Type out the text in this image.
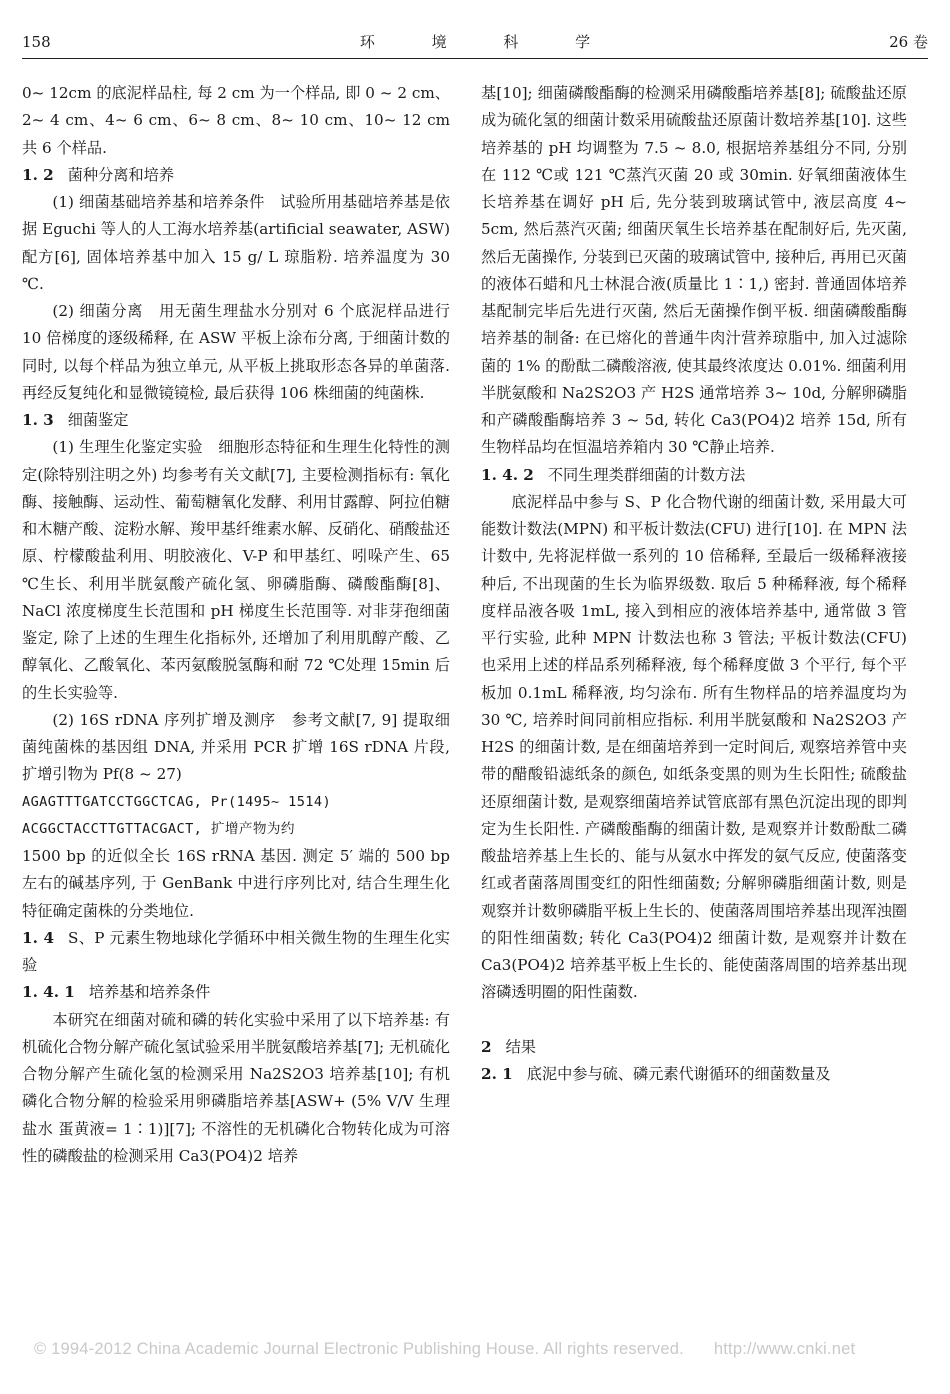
158	环 境 科 学	26 卷

0~ 12cm 的底泥样品柱, 每 2 cm 为一个样品, 即 0 ~ 2 cm、2~ 4 cm、4~ 6 cm、6~ 8 cm、8~ 10 cm、10~ 12 cm 共 6 个样品.

1. 2 菌种分离和培养

(1) 细菌基础培养基和培养条件　试验所用基础培养基是依据 Eguchi 等人的人工海水培养基(artificial seawater, ASW) 配方[6], 固体培养基中加入 15 g/ L 琼脂粉. 培养温度为 30 ℃.

(2) 细菌分离　用无菌生理盐水分别对 6 个底泥样品进行 10 倍梯度的逐级稀释, 在 ASW 平板上涂布分离, 于细菌计数的同时, 以每个样品为独立单元, 从平板上挑取形态各异的单菌落. 再经反复纯化和显微镜镜检, 最后获得 106 株细菌的纯菌株.

1. 3 细菌鉴定

(1) 生理生化鉴定实验　细胞形态特征和生理生化特性的测定(除特别注明之外) 均参考有关文献[7], 主要检测指标有: 氧化酶、接触酶、运动性、葡萄糖氧化发酵、利用甘露醇、阿拉伯糖和木糖产酸、淀粉水解、羧甲基纤维素水解、反硝化、硝酸盐还原、柠檬酸盐利用、明胶液化、V-P 和甲基红、吲哚产生、65 ℃生长、利用半胱氨酸产硫化氢、卵磷脂酶、磷酸酯酶[8]、NaCl 浓度梯度生长范围和 pH 梯度生长范围等. 对非芽孢细菌鉴定, 除了上述的生理生化指标外, 还增加了利用肌醇产酸、乙醇氧化、乙酸氧化、苯丙氨酸脱氢酶和耐 72 ℃处理 15min 后的生长实验等.

(2) 16S rDNA 序列扩增及测序　参考文献[7, 9] 提取细菌纯菌株的基因组 DNA, 并采用 PCR 扩增 16S rDNA 片段, 扩增引物为 Pf(8 ~ 27)

AGAGTTTGATCCTGGCTCAG, Pr(1495~ 1514)
ACGGCTACCTTGTTACGACT, 扩增产物为约

1500 bp 的近似全长 16S rRNA 基因. 测定 5′ 端的 500 bp 左右的碱基序列, 于 GenBank 中进行序列比对, 结合生理生化特征确定菌株的分类地位.

1. 4 S、P 元素生物地球化学循环中相关微生物的生理生化实验
1. 4. 1 培养基和培养条件

本研究在细菌对硫和磷的转化实验中采用了以下培养基: 有机硫化合物分解产硫化氢试验采用半胱氨酸培养基[7]; 无机硫化合物分解产生硫化氢的检测采用 Na2S2O3 培养基[10]; 有机磷化合物分解的检验采用卵磷脂培养基[ASW+ (5% V/V 生理盐水 蛋黄液= 1∶1)][7]; 不溶性的无机磷化合物转化成为可溶性的磷酸盐的检测采用 Ca3(PO4)2 培养

基[10]; 细菌磷酸酯酶的检测采用磷酸酯培养基[8]; 硫酸盐还原成为硫化氢的细菌计数采用硫酸盐还原菌计数培养基[10]. 这些培养基的 pH 均调整为 7.5 ~ 8.0, 根据培养基组分不同, 分别在 112 ℃或 121 ℃蒸汽灭菌 20 或 30min. 好氧细菌液体生长培养基在调好 pH 后, 先分装到玻璃试管中, 液层高度 4~ 5cm, 然后蒸汽灭菌; 细菌厌氧生长培养基在配制好后, 先灭菌, 然后无菌操作, 分装到已灭菌的玻璃试管中, 接种后, 再用已灭菌的液体石蜡和凡士林混合液(质量比 1∶1,) 密封. 普通固体培养基配制完毕后先进行灭菌, 然后无菌操作倒平板. 细菌磷酸酯酶培养基的制备: 在已熔化的普通牛肉汁营养琼脂中, 加入过滤除菌的 1% 的酚酞二磷酸溶液, 使其最终浓度达 0.01%. 细菌利用半胱氨酸和 Na2S2O3 产 H2S 通常培养 3~ 10d, 分解卵磷脂和产磷酸酯酶培养 3 ~ 5d, 转化 Ca3(PO4)2 培养 15d, 所有生物样品均在恒温培养箱内 30 ℃静止培养.

1. 4. 2 不同生理类群细菌的计数方法

底泥样品中参与 S、P 化合物代谢的细菌计数, 采用最大可能数计数法(MPN) 和平板计数法(CFU) 进行[10]. 在 MPN 法计数中, 先将泥样做一系列的 10 倍稀释, 至最后一级稀释液接种后, 不出现菌的生长为临界级数. 取后 5 种稀释液, 每个稀释度样品液各吸 1mL, 接入到相应的液体培养基中, 通常做 3 管平行实验, 此种 MPN 计数法也称 3 管法; 平板计数法(CFU) 也采用上述的样品系列稀释液, 每个稀释度做 3 个平行, 每个平板加 0.1mL 稀释液, 均匀涂布. 所有生物样品的培养温度均为 30 ℃, 培养时间同前相应指标. 利用半胱氨酸和 Na2S2O3 产 H2S 的细菌计数, 是在细菌培养到一定时间后, 观察培养管中夹带的醋酸铅滤纸条的颜色, 如纸条变黑的则为生长阳性; 硫酸盐还原细菌计数, 是观察细菌培养试管底部有黑色沉淀出现的即判定为生长阳性. 产磷酸酯酶的细菌计数, 是观察并计数酚酞二磷酸盐培养基上生长的、能与从氨水中挥发的氨气反应, 使菌落变红或者菌落周围变红的阳性细菌数; 分解卵磷脂细菌计数, 则是观察并计数卵磷脂平板上生长的、使菌落周围培养基出现浑浊圈的阳性细菌数; 转化 Ca3(PO4)2 细菌计数, 是观察并计数在 Ca3(PO4)2 培养基平板上生长的、能使菌落周围的培养基出现溶磷透明圈的阳性菌数.

2 结果
2. 1 底泥中参与硫、磷元素代谢循环的细菌数量及
© 1994-2012 China Academic Journal Electronic Publishing House. All rights reserved. http://www.cnki.net
